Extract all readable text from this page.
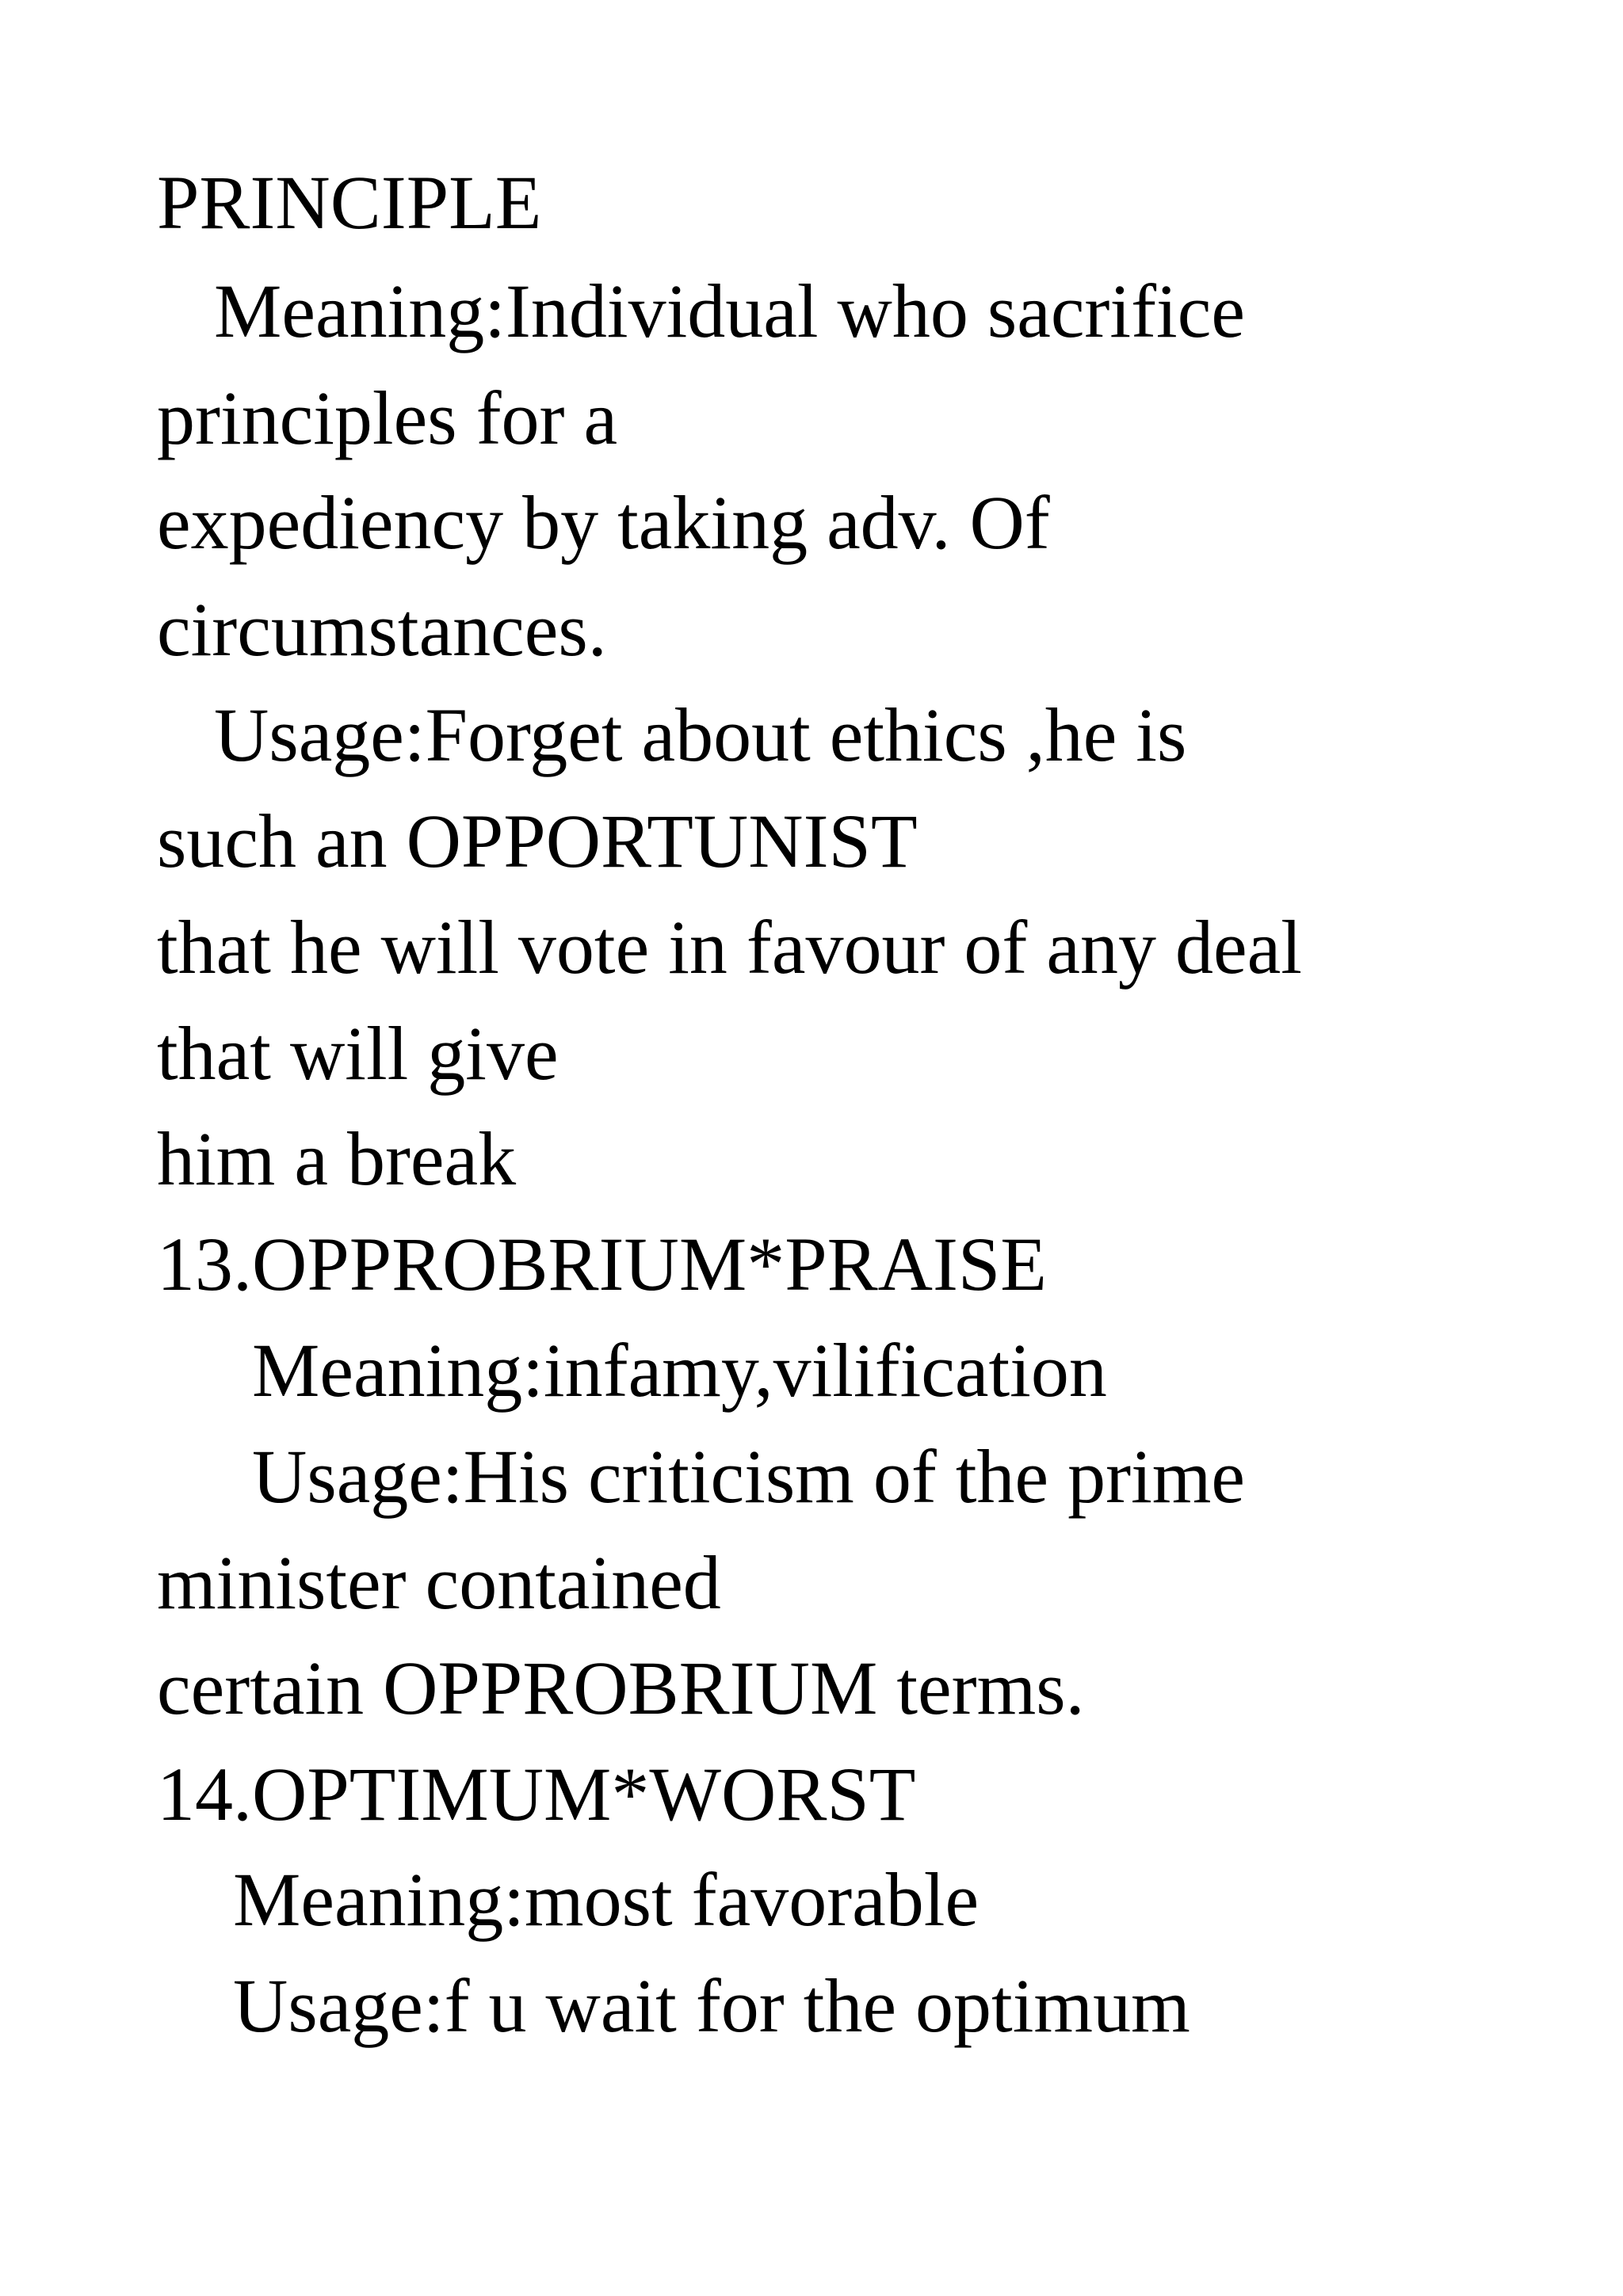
PRINCIPLE
Meaning:Individual who sacrifice
principles for a
expediency by taking adv. Of
circumstances.
Usage:Forget about ethics ,he is
such an OPPORTUNIST
that he will vote in favour of any deal
that will give
him a break
13.OPPROBRIUM*PRAISE
Meaning:infamy,vilification
Usage:His criticism of the prime
minister contained
certain OPPROBRIUM terms.
14.OPTIMUM*WORST
Meaning:most favorable
Usage:f u wait for the optimum
